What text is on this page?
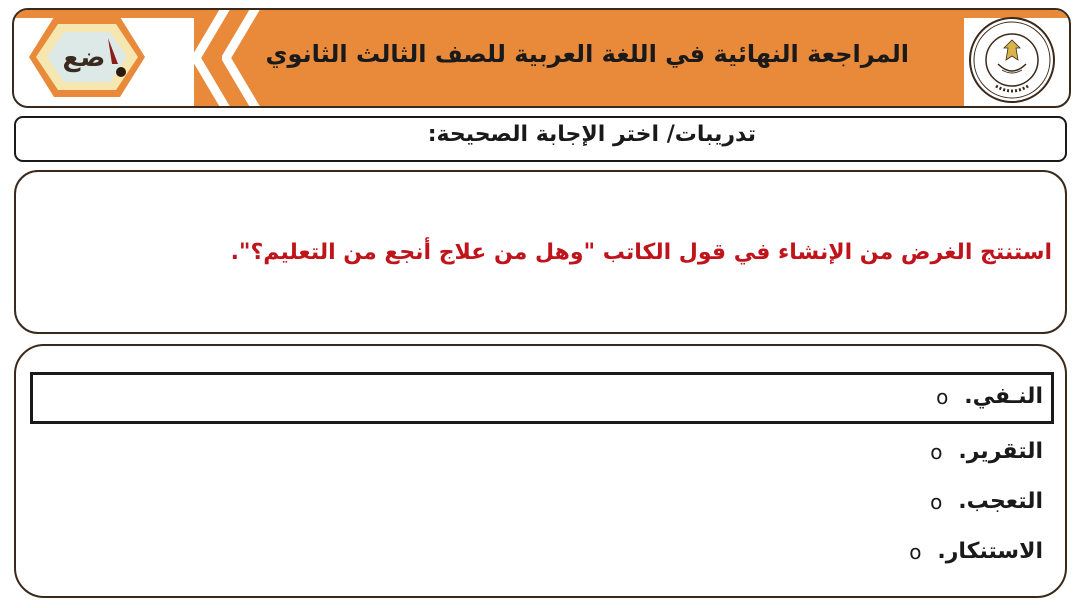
المراجعة النهائية في اللغة العربية للصف الثالث الثانوي
ضع
تدريبات/ اختر الإجابة الصحيحة:
استنتج الغرض من الإنشاء في قول الكاتب "وهل من علاج أنجع من التعليم؟".
o النـفي.
o التقرير.
o التعجب.
o الاستنكار.
